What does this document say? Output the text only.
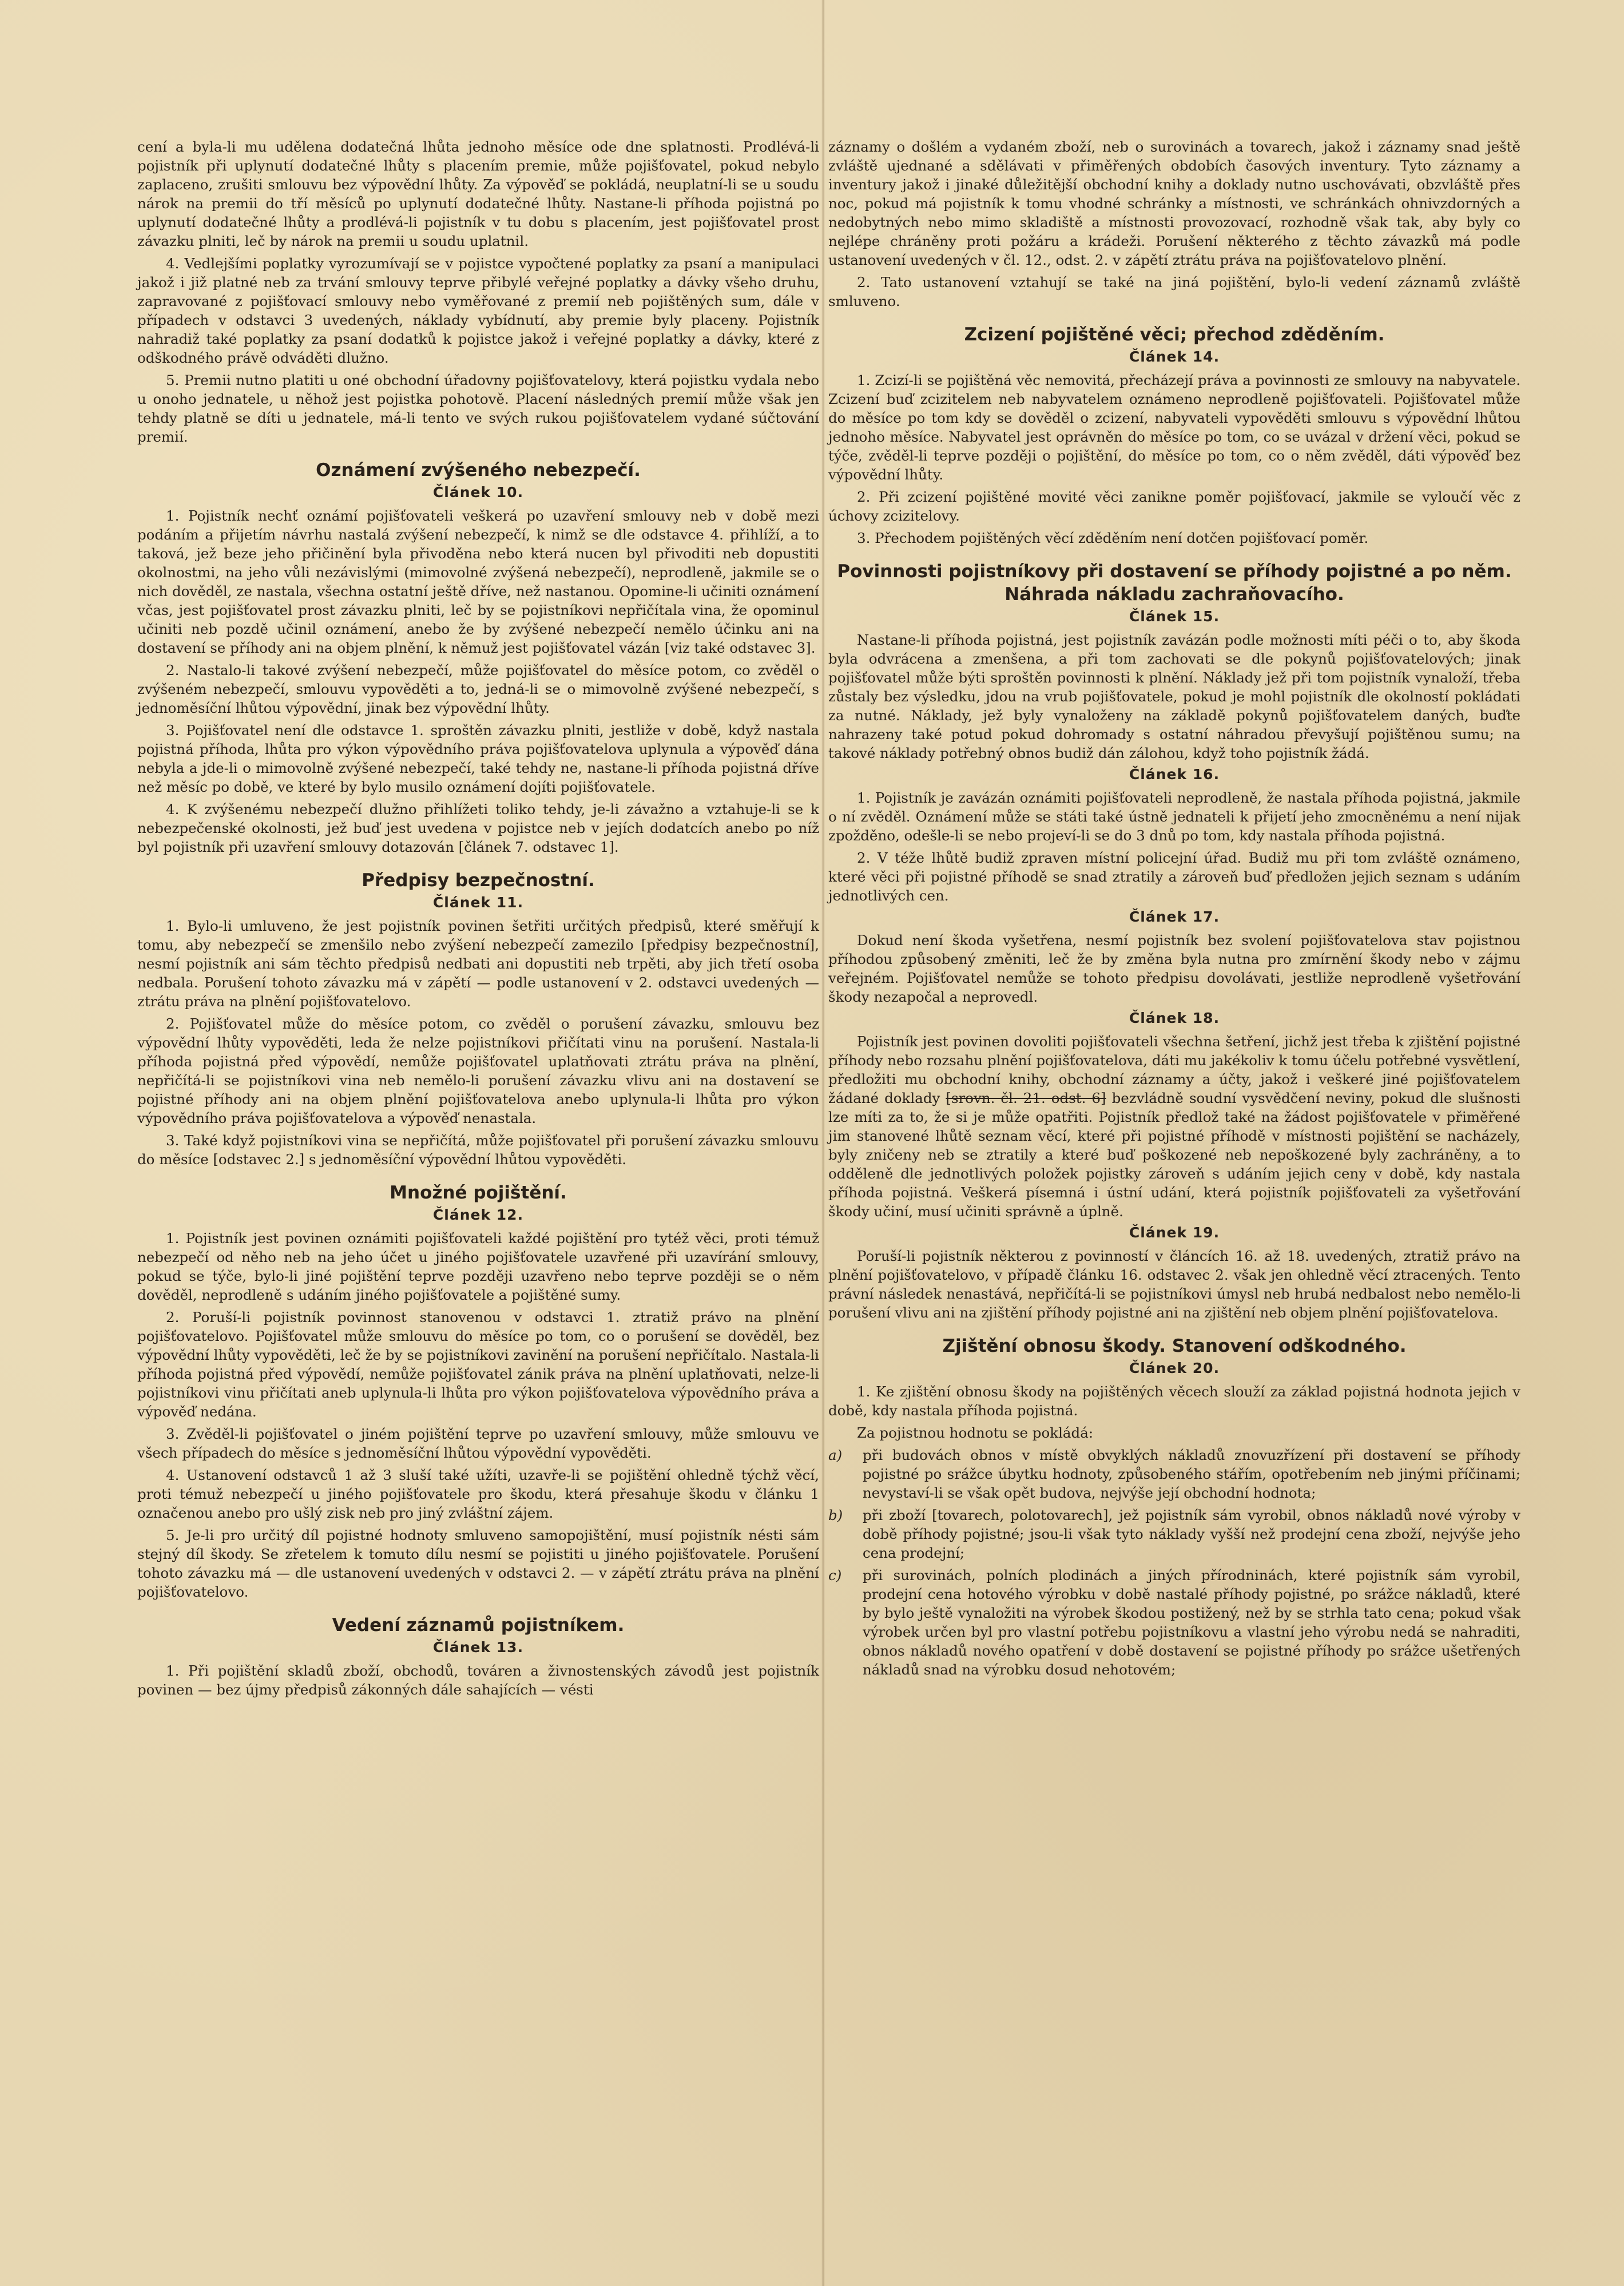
cení a byla-li mu udělena dodatečná lhůta jednoho měsíce ode dne splatnosti. Prodlévá-li pojistník při uplynutí dodatečné lhůty s placením premie, může pojišťovatel, pokud nebylo zaplaceno, zrušiti smlouvu bez výpovědní lhůty. Za výpověď se pokládá, neuplatní-li se u soudu nárok na premii do tří měsíců po uplynutí dodatečné lhůty. Nastane-li příhoda pojistná po uplynutí dodatečné lhůty a prodlévá-li pojistník v tu dobu s placením, jest pojišťovatel prost závazku plniti, leč by nárok na premii u soudu uplatnil.

4. Vedlejšími poplatky vyrozumívají se v pojistce vypočtené poplatky za psaní a manipulaci jakož i již platné neb za trvání smlouvy teprve přibylé veřejné poplatky a dávky všeho druhu, zapravované z pojišťovací smlouvy nebo vyměřované z premií neb pojištěných sum, dále v případech v odstavci 3 uvedených, náklady vybídnutí, aby premie byly placeny. Pojistník nahradiž také poplatky za psaní dodatků k pojistce jakož i veřejné poplatky a dávky, které z odškodného právě odváděti dlužno.

5. Premii nutno platiti u oné obchodní úřadovny pojišťovatelovy, která pojistku vydala nebo u onoho jednatele, u něhož jest pojistka pohotově. Placení následných premií může však jen tehdy platně se díti u jednatele, má-li tento ve svých rukou pojišťovatelem vydané súčtování premií.

Oznámení zvýšeného nebezpečí.
Článek 10.

1. Pojistník nechť oznámí pojišťovateli veškerá po uzavření smlouvy neb v době mezi podáním a přijetím návrhu nastalá zvýšení nebezpečí, k nimž se dle odstavce 4. přihlíží, a to taková, jež beze jeho přičinění byla přivoděna nebo která nucen byl přivoditi neb dopustiti okolnostmi, na jeho vůli nezávislými (mimovolné zvýšená nebezpečí), neprodleně, jakmile se o nich dověděl, ze nastala, všechna ostatní ještě dříve, než nastanou. Opomine-li učiniti oznámení včas, jest pojišťovatel prost závazku plniti, leč by se pojistníkovi nepřičítala vina, že opominul učiniti neb pozdě učinil oznámení, anebo že by zvýšené nebezpečí nemělo účinku ani na dostavení se příhody ani na objem plnění, k němuž jest pojišťovatel vázán [viz také odstavec 3].

2. Nastalo-li takové zvýšení nebezpečí, může pojišťovatel do měsíce potom, co zvěděl o zvýšeném nebezpečí, smlouvu vypověděti a to, jedná-li se o mimovolně zvýšené nebezpečí, s jednoměsíční lhůtou výpovědní, jinak bez výpovědní lhůty.

3. Pojišťovatel není dle odstavce 1. sproštěn závazku plniti, jestliže v době, když nastala pojistná příhoda, lhůta pro výkon výpovědního práva pojišťovatelova uplynula a výpověď dána nebyla a jde-li o mimovolně zvýšené nebezpečí, také tehdy ne, nastane-li příhoda pojistná dříve než měsíc po době, ve které by bylo musilo oznámení dojíti pojišťovatele.

4. K zvýšenému nebezpečí dlužno přihlížeti toliko tehdy, je-li závažno a vztahuje-li se k nebezpečenské okolnosti, jež buď jest uvedena v pojistce neb v jejích dodatcích anebo po níž byl pojistník při uzavření smlouvy dotazován [článek 7. odstavec 1].

Předpisy bezpečnostní.
Článek 11.

1. Bylo-li umluveno, že jest pojistník povinen šetřiti určitých předpisů, které směřují k tomu, aby nebezpečí se zmenšilo nebo zvýšení nebezpečí zamezilo [předpisy bezpečnostní], nesmí pojistník ani sám těchto předpisů nedbati ani dopustiti neb trpěti, aby jich třetí osoba nedbala. Porušení tohoto závazku má v zápětí — podle ustanovení v 2. odstavci uvedených — ztrátu práva na plnění pojišťovatelovo.

2. Pojišťovatel může do měsíce potom, co zvěděl o porušení závazku, smlouvu bez výpovědní lhůty vypověděti, leda že nelze pojistníkovi přičítati vinu na porušení. Nastala-li příhoda pojistná před výpovědí, nemůže pojišťovatel uplatňovati ztrátu práva na plnění, nepřičítá-li se pojistníkovi vina neb nemělo-li porušení závazku vlivu ani na dostavení se pojistné příhody ani na objem plnění pojišťovatelova anebo uplynula-li lhůta pro výkon výpovědního práva pojišťovatelova a výpověď nenastala.

3. Také když pojistníkovi vina se nepřičítá, může pojišťovatel při porušení závazku smlouvu do měsíce [odstavec 2.] s jednoměsíční výpovědní lhůtou vypověděti.

Množné pojištění.
Článek 12.

1. Pojistník jest povinen oznámiti pojišťovateli každé pojištění pro tytéž věci, proti témuž nebezpečí od něho neb na jeho účet u jiného pojišťovatele uzavřené při uzavírání smlouvy, pokud se týče, bylo-li jiné pojištění teprve později uzavřeno nebo teprve později se o něm dověděl, neprodleně s udáním jiného pojišťovatele a pojištěné sumy.

2. Poruší-li pojistník povinnost stanovenou v odstavci 1. ztratiž právo na plnění pojišťovatelovo. Pojišťovatel může smlouvu do měsíce po tom, co o porušení se dověděl, bez výpovědní lhůty vypověděti, leč že by se pojistníkovi zavinění na porušení nepřičítalo. Nastala-li příhoda pojistná před výpovědí, nemůže pojišťovatel zánik práva na plnění uplatňovati, nelze-li pojistníkovi vinu přičítati aneb uplynula-li lhůta pro výkon pojišťovatelova výpovědního práva a výpověď nedána.

3. Zvěděl-li pojišťovatel o jiném pojištění teprve po uzavření smlouvy, může smlouvu ve všech případech do měsíce s jednoměsíční lhůtou výpovědní vypověděti.

4. Ustanovení odstavců 1 až 3 sluší také užíti, uzavře-li se pojištění ohledně týchž věcí, proti témuž nebezpečí u jiného pojišťovatele pro škodu, která přesahuje škodu v článku 1 označenou anebo pro ušlý zisk neb pro jiný zvláštní zájem.

5. Je-li pro určitý díl pojistné hodnoty smluveno samopojištění, musí pojistník nésti sám stejný díl škody. Se zřetelem k tomuto dílu nesmí se pojistiti u jiného pojišťovatele. Porušení tohoto závazku má — dle ustanovení uvedených v odstavci 2. — v zápětí ztrátu práva na plnění pojišťovatelovo.

Vedení záznamů pojistníkem.
Článek 13.

1. Při pojištění skladů zboží, obchodů, továren a živnostenských závodů jest pojistník povinen — bez újmy předpisů zákonných dále sahajících — vésti

záznamy o došlém a vydaném zboží, neb o surovinách a tovarech, jakož i záznamy snad ještě zvláště ujednané a sdělávati v přiměřených obdobích časových inventury. Tyto záznamy a inventury jakož i jinaké důležitější obchodní knihy a doklady nutno uschovávati, obzvláště přes noc, pokud má pojistník k tomu vhodné schránky a místnosti, ve schránkách ohnivzdorných a nedobytných nebo mimo skladiště a místnosti provozovací, rozhodně však tak, aby byly co nejlépe chráněny proti požáru a krádeži. Porušení některého z těchto závazků má podle ustanovení uvedených v čl. 12., odst. 2. v zápětí ztrátu práva na pojišťovatelovo plnění.

2. Tato ustanovení vztahují se také na jiná pojištění, bylo-li vedení záznamů zvláště smluveno.

Zcizení pojištěné věci; přechod zděděním.
Článek 14.

1. Zcizí-li se pojištěná věc nemovitá, přecházejí práva a povinnosti ze smlouvy na nabyvatele. Zcizení buď zcizitelem neb nabyvatelem oznámeno neprodleně pojišťovateli. Pojišťovatel může do měsíce po tom kdy se dověděl o zcizení, nabyvateli vypověděti smlouvu s výpovědní lhůtou jednoho měsíce. Nabyvatel jest oprávněn do měsíce po tom, co se uvázal v držení věci, pokud se týče, zvěděl-li teprve později o pojištění, do měsíce po tom, co o něm zvěděl, dáti výpověď bez výpovědní lhůty.

2. Při zcizení pojištěné movité věci zanikne poměr pojišťovací, jakmile se vyloučí věc z úchovy zcizitelovy.

3. Přechodem pojištěných věcí zděděním není dotčen pojišťovací poměr.

Povinnosti pojistníkovy při dostavení se příhody pojistné a po něm. Náhrada nákladu zachraňovacího.
Článek 15.

Nastane-li příhoda pojistná, jest pojistník zavázán podle možnosti míti péči o to, aby škoda byla odvrácena a zmenšena, a při tom zachovati se dle pokynů pojišťovatelových; jinak pojišťovatel může býti sproštěn povinnosti k plnění. Náklady jež při tom pojistník vynaloží, třeba zůstaly bez výsledku, jdou na vrub pojišťovatele, pokud je mohl pojistník dle okolností pokládati za nutné. Náklady, jež byly vynaloženy na základě pokynů pojišťovatelem daných, buďte nahrazeny také potud pokud dohromady s ostatní náhradou převyšují pojištěnou sumu; na takové náklady potřebný obnos budiž dán zálohou, když toho pojistník žádá.

Článek 16.

1. Pojistník je zavázán oznámiti pojišťovateli neprodleně, že nastala příhoda pojistná, jakmile o ní zvěděl. Oznámení může se státi také ústně jednateli k přijetí jeho zmocněnému a není nijak zpožděno, odešle-li se nebo projeví-li se do 3 dnů po tom, kdy nastala příhoda pojistná.

2. V téže lhůtě budiž zpraven místní policejní úřad. Budiž mu při tom zvláště oznámeno, které věci při pojistné příhodě se snad ztratily a zároveň buď předložen jejich seznam s udáním jednotlivých cen.

Článek 17.

Dokud není škoda vyšetřena, nesmí pojistník bez svolení pojišťovatelova stav pojistnou příhodou způsobený změniti, leč že by změna byla nutna pro zmírnění škody nebo v zájmu veřejném. Pojišťovatel nemůže se tohoto předpisu dovolávati, jestliže neprodleně vyšetřování škody nezapočal a neprovedl.

Článek 18.

Pojistník jest povinen dovoliti pojišťovateli všechna šetření, jichž jest třeba k zjištění pojistné příhody nebo rozsahu plnění pojišťovatelova, dáti mu jakékoliv k tomu účelu potřebné vysvětlení, předložiti mu obchodní knihy, obchodní záznamy a účty, jakož i veškeré jiné pojišťovatelem žádané doklady [srovn. čl. 21. odst. 6] bezvládně soudní vysvědčení neviny, pokud dle slušnosti lze míti za to, že si je může opatřiti. Pojistník předlož také na žádost pojišťovatele v přiměřené jim stanovené lhůtě seznam věcí, které při pojistné příhodě v místnosti pojištění se nacházely, byly zničeny neb se ztratily a které buď poškozené neb nepoškozené byly zachráněny, a to odděleně dle jednotlivých položek pojistky zároveň s udáním jejich ceny v době, kdy nastala příhoda pojistná. Veškerá písemná i ústní udání, která pojistník pojišťovateli za vyšetřování škody učiní, musí učiniti správně a úplně.

Článek 19.

Poruší-li pojistník některou z povinností v článcích 16. až 18. uvedených, ztratiž právo na plnění pojišťovatelovo, v případě článku 16. odstavec 2. však jen ohledně věcí ztracených. Tento právní následek nenastává, nepřičítá-li se pojistníkovi úmysl neb hrubá nedbalost nebo nemělo-li porušení vlivu ani na zjištění příhody pojistné ani na zjištění neb objem plnění pojišťovatelova.

Zjištění obnosu škody. Stanovení odškodného.
Článek 20.

1. Ke zjištění obnosu škody na pojištěných věcech slouží za základ pojistná hodnota jejich v době, kdy nastala příhoda pojistná.

Za pojistnou hodnotu se pokládá:

a)	při budovách obnos v místě obvyklých nákladů znovuzřízení při dostavení se příhody pojistné po srážce úbytku hodnoty, způsobeného stářím, opotřebením neb jinými příčinami; nevystaví-li se však opět budova, nejvýše její obchodní hodnota;
b)	při zboží [tovarech, polotovarech], jež pojistník sám vyrobil, obnos nákladů nové výroby v době příhody pojistné; jsou-li však tyto náklady vyšší než prodejní cena zboží, nejvýše jeho cena prodejní;
c)	při surovinách, polních plodinách a jiných přírodninách, které pojistník sám vyrobil, prodejní cena hotového výrobku v době nastalé příhody pojistné, po srážce nákladů, které by bylo ještě vynaložiti na výrobek škodou postižený, než by se strhla tato cena; pokud však výrobek určen byl pro vlastní potřebu pojistníkovu a vlastní jeho výrobu nedá se nahraditi, obnos nákladů nového opatření v době dostavení se pojistné příhody po srážce ušetřených nákladů snad na výrobku dosud nehotovém;
